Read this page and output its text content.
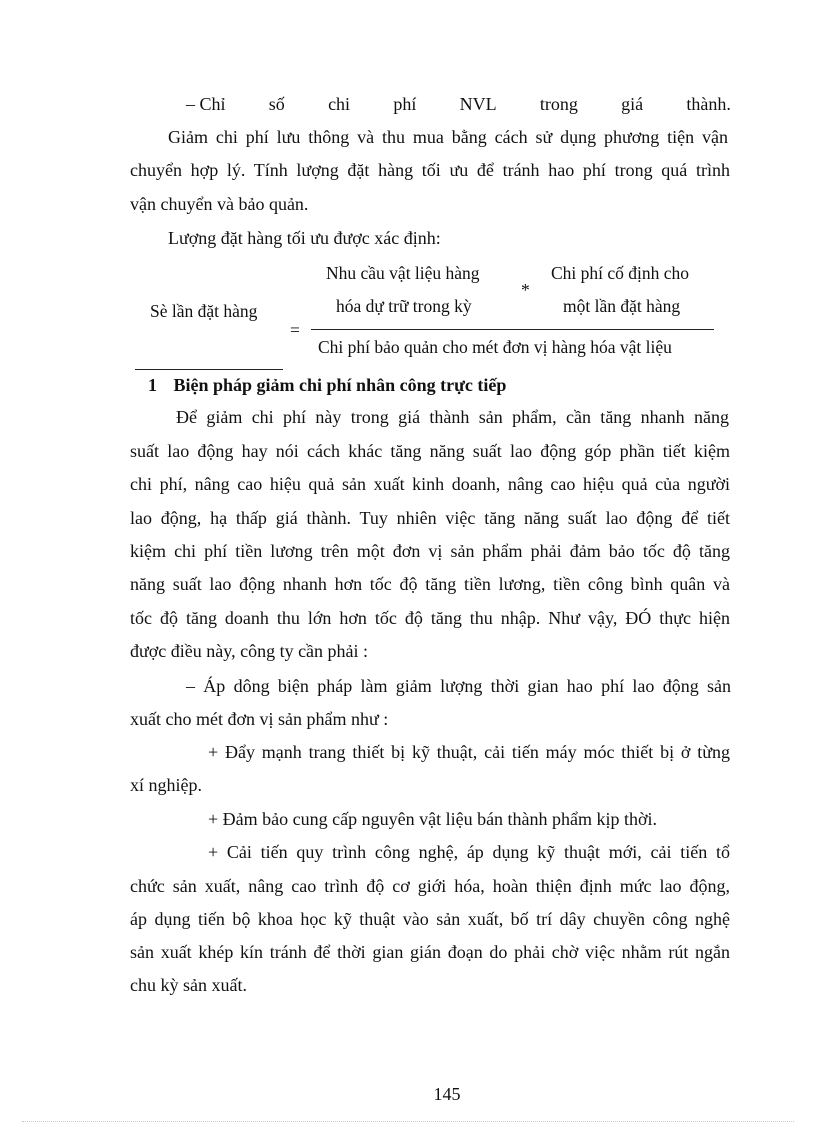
– Chỉ số chi phí NVL trong giá thành.
Giảm chi phí lưu thông và thu mua bằng cách sử dụng phương tiện vận
chuyển hợp lý. Tính lượng đặt hàng tối ưu để tránh hao phí trong quá trình
vận chuyển và bảo quản.
Lượng đặt hàng tối ưu được xác định:
Nhu cầu vật liệu hàng
hóa dự trữ trong kỳ
*
Chi phí cố định cho
một lần đặt hàng
Sè lần đặt hàng
=
Chi phí bảo quản cho mét đơn vị hàng hóa vật liệu
1 Biện pháp giảm chi phí nhân công trực tiếp
Để giảm chi phí này trong giá thành sản phẩm, cần tăng nhanh năng
suất lao động hay nói cách khác tăng năng suất lao động góp phần tiết kiệm
chi phí, nâng cao hiệu quả sản xuất kinh doanh, nâng cao hiệu quả của người
lao động, hạ thấp giá thành. Tuy nhiên việc tăng năng suất lao động để tiết
kiệm chi phí tiền lương trên một đơn vị sản phẩm phải đảm bảo tốc độ tăng
năng suất lao động nhanh hơn tốc độ tăng tiền lương, tiền công bình quân và
tốc độ tăng doanh thu lớn hơn tốc độ tăng thu nhập. Như vậy, ĐÓ thực hiện
được điều này, công ty cần phải :
– Áp dông biện pháp làm giảm lượng thời gian hao phí lao động sản
xuất cho mét đơn vị sản phẩm như :
+ Đẩy mạnh trang thiết bị kỹ thuật, cải tiến máy móc thiết bị ở từng
xí nghiệp.
+ Đảm bảo cung cấp nguyên vật liệu bán thành phẩm kịp thời.
+ Cải tiến quy trình công nghệ, áp dụng kỹ thuật mới, cải tiến tổ
chức sản xuất, nâng cao trình độ cơ giới hóa, hoàn thiện định mức lao động,
áp dụng tiến bộ khoa học kỹ thuật vào sản xuất, bố trí dây chuyền công nghệ
sản xuất khép kín tránh để thời gian gián đoạn do phải chờ việc nhằm rút ngắn
chu kỳ sản xuất.
145
